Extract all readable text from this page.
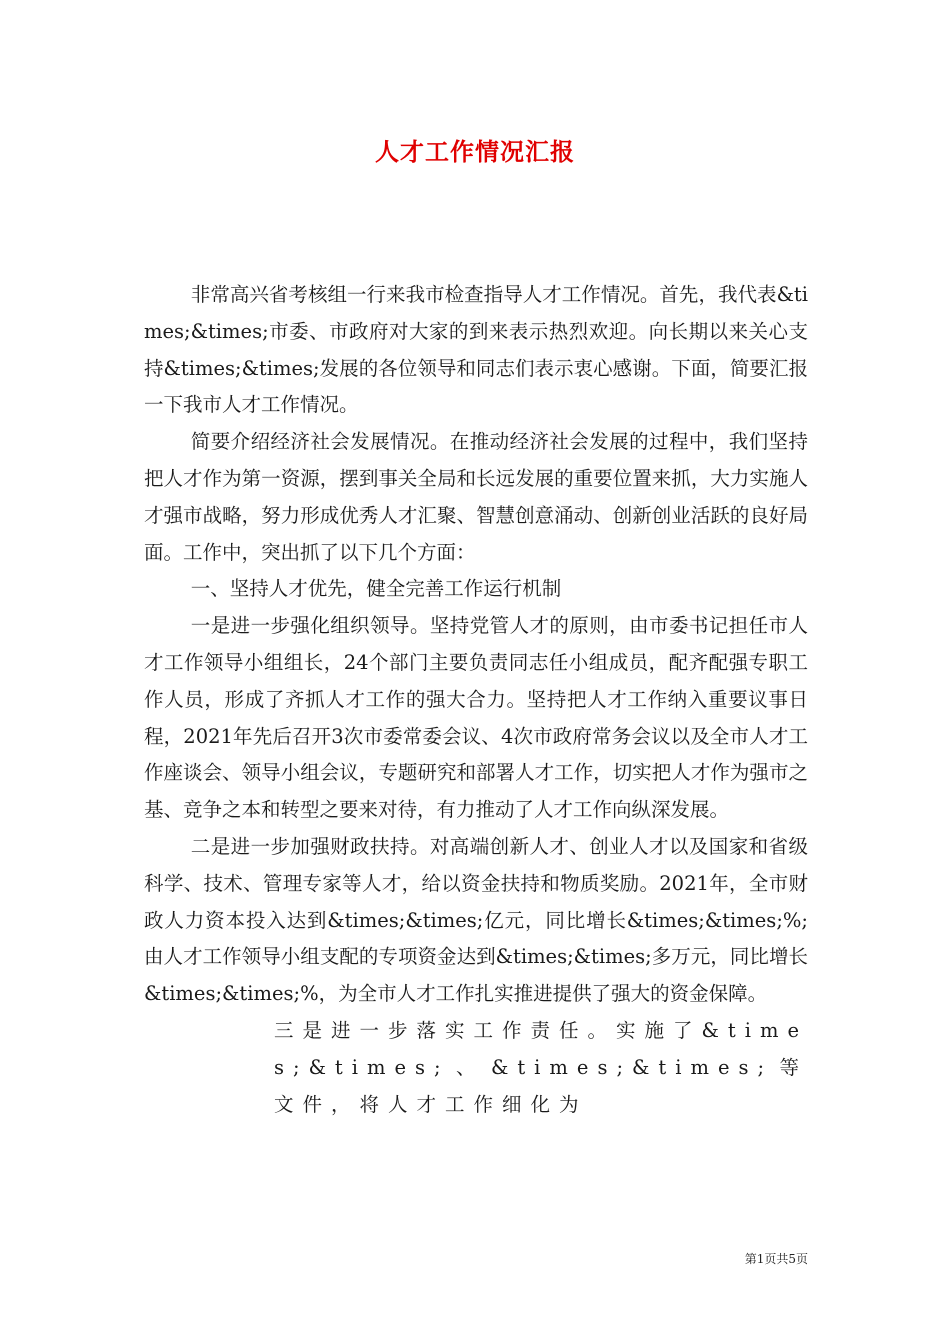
人才工作情况汇报

非常高兴省考核组一行来我市检查指导人才工作情况。首先，我代表&times;&times;市委、市政府对大家的到来表示热烈欢迎。向长期以来关心支持&times;&times;发展的各位领导和同志们表示衷心感谢。下面，简要汇报一下我市人才工作情况。

简要介绍经济社会发展情况。在推动经济社会发展的过程中，我们坚持把人才作为第一资源，摆到事关全局和长远发展的重要位置来抓，大力实施人才强市战略，努力形成优秀人才汇聚、智慧创意涌动、创新创业活跃的良好局面。工作中，突出抓了以下几个方面：

一、坚持人才优先，健全完善工作运行机制

一是进一步强化组织领导。坚持党管人才的原则，由市委书记担任市人才工作领导小组组长，24个部门主要负责同志任小组成员，配齐配强专职工作人员，形成了齐抓人才工作的强大合力。坚持把人才工作纳入重要议事日程，2021年先后召开3次市委常委会议、4次市政府常务会议以及全市人才工作座谈会、领导小组会议，专题研究和部署人才工作，切实把人才作为强市之基、竞争之本和转型之要来对待，有力推动了人才工作向纵深发展。

二是进一步加强财政扶持。对高端创新人才、创业人才以及国家和省级科学、技术、管理专家等人才，给以资金扶持和物质奖励。2021年，全市财政人力资本投入达到&times;&times;亿元，同比增长&times;&times;%;由人才工作领导小组支配的专项资金达到&times;&times;多万元，同比增长&times;&times;%，为全市人才工作扎实推进提供了强大的资金保障。

三是进一步落实工作责任。实施了&times;&times;、&times;&times;等文件，将人才工作细化为

第1页共5页
